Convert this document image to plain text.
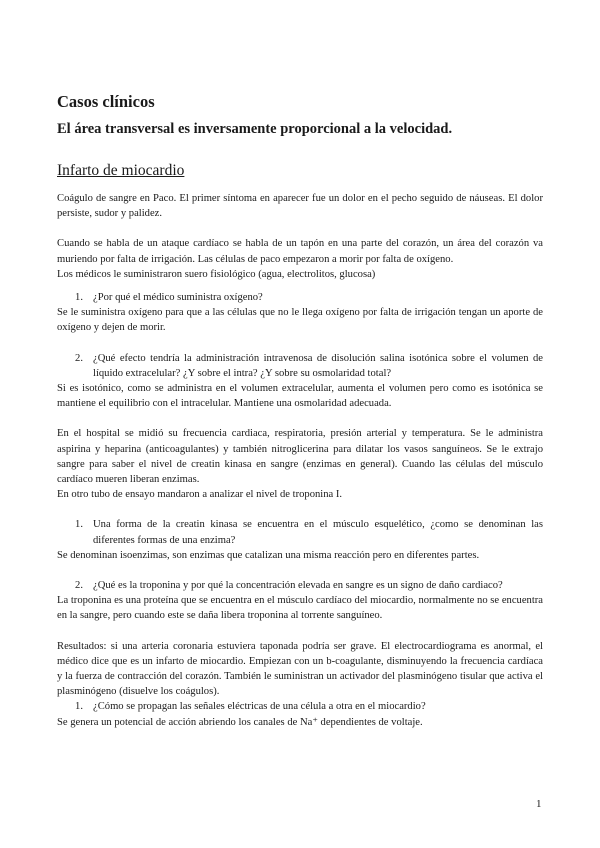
Casos clínicos
El área transversal es inversamente proporcional a la velocidad.
Infarto de miocardio

Coágulo de sangre en Paco. El primer síntoma en aparecer fue un dolor en el pecho seguido de náuseas. El dolor persiste, sudor y palidez.

Cuando se habla de un ataque cardíaco se habla de un tapón en una parte del corazón, un área del corazón va muriendo por falta de irrigación. Las células de paco empezaron a morir por falta de oxígeno.

Los médicos le suministraron suero fisiológico (agua, electrolitos, glucosa)

1. ¿Por qué el médico suministra oxígeno?

Se le suministra oxígeno para que a las células que no le llega oxígeno por falta de irrigación tengan un aporte de oxígeno y dejen de morir.

2. ¿Qué efecto tendría la administración intravenosa de disolución salina isotónica sobre el volumen de líquido extracelular? ¿Y sobre el intra? ¿Y sobre su osmolaridad total?

Si es isotónico, como se administra en el volumen extracelular, aumenta el volumen pero como es isotónica se mantiene el equilibrio con el intracelular. Mantiene una osmolaridad adecuada.

En el hospital se midió su frecuencia cardiaca, respiratoria, presión arterial y temperatura. Se le administra aspirina y heparina (anticoagulantes) y también nitroglicerina para dilatar los vasos sanguíneos. Se le extrajo sangre para saber el nivel de creatin kinasa en sangre (enzimas en general). Cuando las células del músculo cardíaco mueren liberan enzimas.

En otro tubo de ensayo mandaron a analizar el nivel de troponina I.

1. Una forma de la creatin kinasa se encuentra en el músculo esquelético, ¿como se denominan las diferentes formas de una enzima?

Se denominan isoenzimas, son enzimas que catalizan una misma reacción pero en diferentes partes.

2. ¿Qué es la troponina y por qué la concentración elevada en sangre es un signo de daño cardiaco?

La troponina es una proteína que se encuentra en el músculo cardíaco del miocardio, normalmente no se encuentra en la sangre, pero cuando este se daña libera troponina al torrente sanguíneo.

Resultados: si una arteria coronaria estuviera taponada podría ser grave. El electrocardiograma es anormal, el médico dice que es un infarto de miocardio. Empiezan con un b-coagulante, disminuyendo la frecuencia cardíaca y la fuerza de contracción del corazón. También le suministran un activador del plasminógeno tisular que activa el plasminógeno (disuelve los coágulos).

1. ¿Cómo se propagan las señales eléctricas de una célula a otra en el miocardio?

Se genera un potencial de acción abriendo los canales de Na⁺ dependientes de voltaje.

1
